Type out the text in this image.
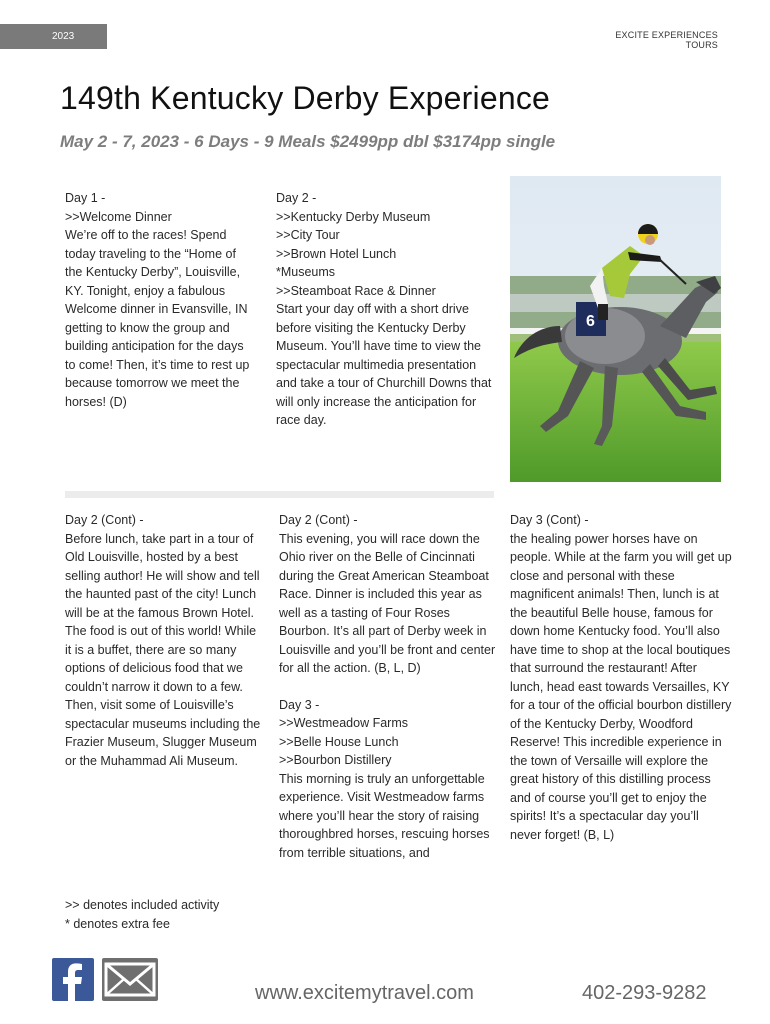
2023	EXCITE EXPERIENCES
TOURS
149th Kentucky Derby Experience
May 2 - 7, 2023 - 6 Days - 9 Meals $2499pp dbl $3174pp single

Day 1 -

>>Welcome Dinner

We’re off to the races! Spend today traveling to the “Home of the Kentucky Derby”, Louisville, KY. Tonight, enjoy a fabulous Welcome dinner in Evansville, IN getting to know the group and building anticipation for the days to come! Then, it’s time to rest up because tomorrow we meet the horses! (D)

Day 2 -

>>Kentucky Derby Museum

>>City Tour

>>Brown Hotel Lunch

*Museums

>>Steamboat Race & Dinner

Start your day off with a short drive before visiting the Kentucky Derby Museum. You’ll have time to view the spectacular multimedia presentation and take a tour of Churchill Downs that will only increase the anticipation for race day.

6

Day 2 (Cont) -

Before lunch, take part in a tour of Old Louisville, hosted by a best selling author! He will show and tell the haunted past of the city! Lunch will be at the famous Brown Hotel. The food is out of this world! While it is a buffet, there are so many options of delicious food that we couldn’t narrow it down to a few. Then, visit some of Louisville’s spectacular museums including the Frazier Museum, Slugger Museum or the Muhammad Ali Museum.

Day 2 (Cont) -

This evening, you will race down the Ohio river on the Belle of Cincinnati during the Great American Steamboat Race. Dinner is included this year as well as a tasting of Four Roses Bourbon. It’s all part of Derby week in Louisville and you’ll be front and center for all the action. (B, L, D)

Day 3 -

>>Westmeadow Farms

>>Belle House Lunch

>>Bourbon Distillery

This morning is truly an unforgettable experience. Visit Westmeadow farms where you’ll hear the story of raising thoroughbred horses, rescuing horses from terrible situations, and

Day 3 (Cont) -

the healing power horses have on people. While at the farm you will get up close and personal with these magnificent animals! Then, lunch is at the beautiful Belle house, famous for down home Kentucky food. You’ll also have time to shop at the local boutiques that surround the restaurant! After lunch, head east towards Versailles, KY for a tour of the official bourbon distillery of the Kentucky Derby, Woodford Reserve! This incredible experience in the town of Versaille will explore the great history of this distilling process and of course you’ll get to enjoy the spirits! It’s a spectacular day you’ll never forget! (B, L)

>> denotes included activity
* denotes extra fee
www.excitemytravel.com	402-293-9282
